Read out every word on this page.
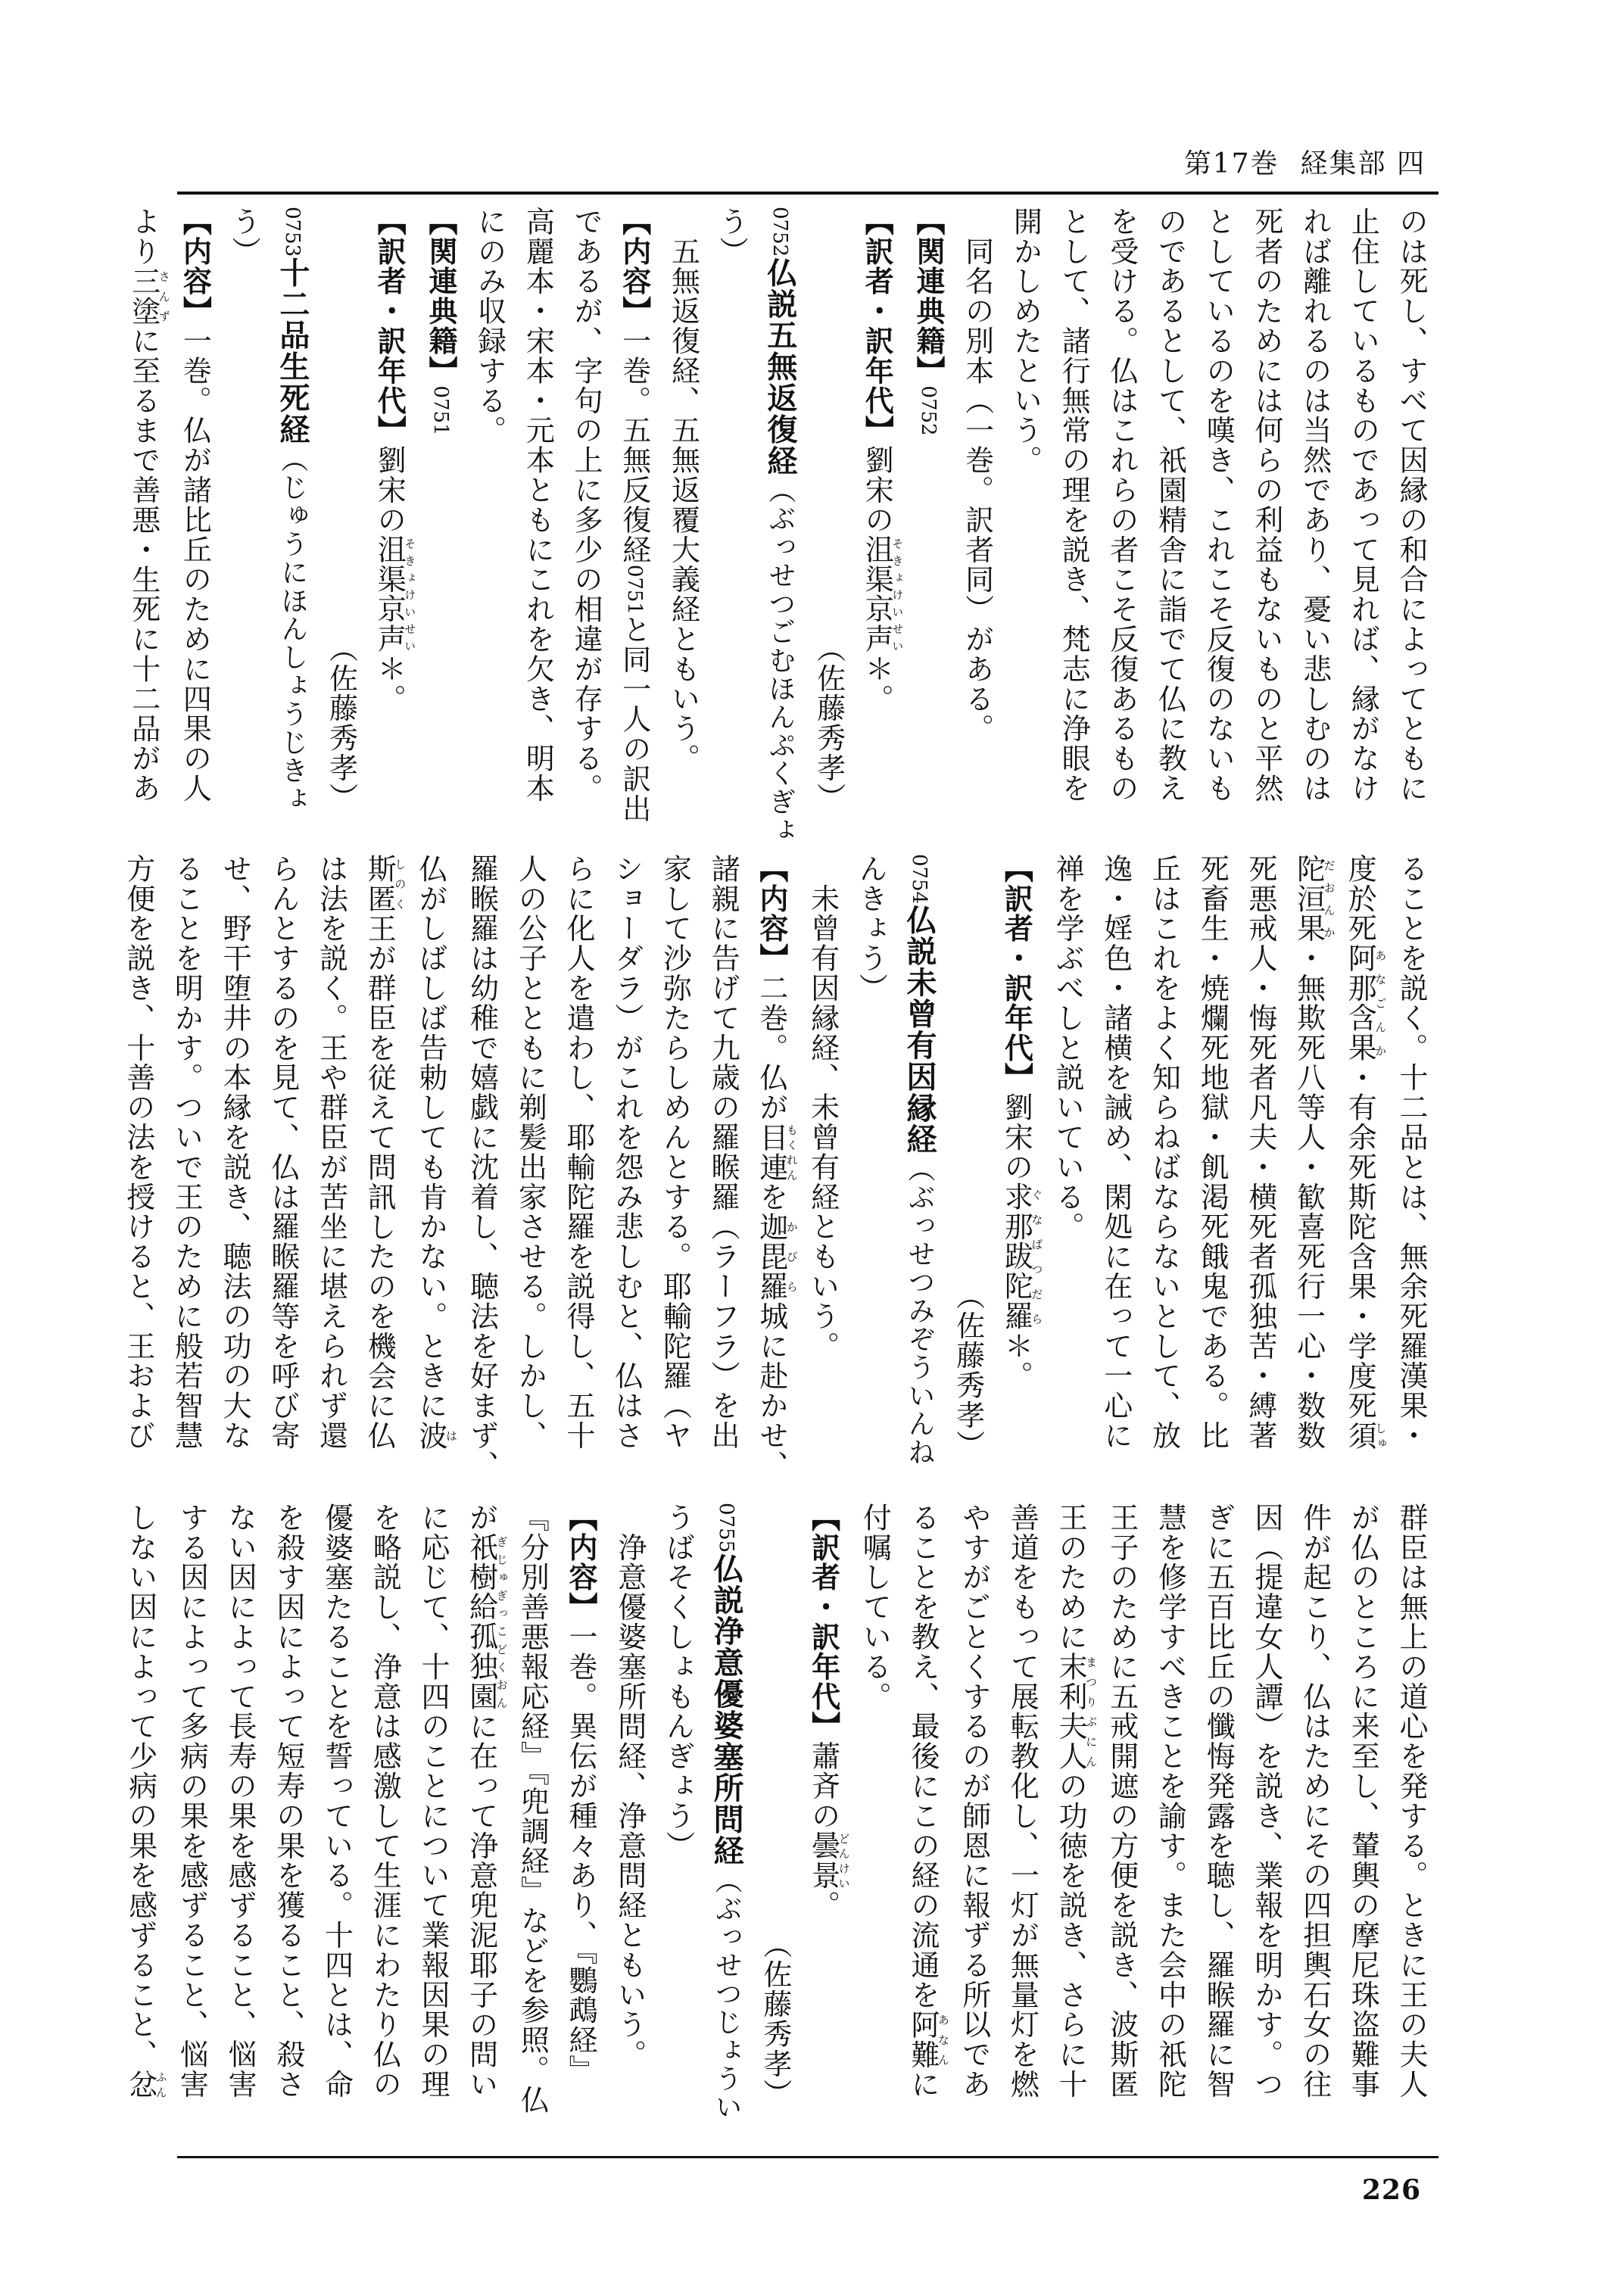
第17巻 経集部 四
のは死し、すべて因縁の和合によってともに
止住しているものであって見れば、縁がなけ
れば離れるのは当然であり、憂い悲しむのは
死者のためには何らの利益もないものと平然
としているのを嘆き、これこそ反復のないも
のであるとして、祇園精舎に詣でて仏に教え
を受ける。仏はこれらの者こそ反復あるもの
として、諸行無常の理を説き、梵志に浄眼を
開かしめたという。
　同名の別本（一巻。訳者同）がある。
【関連典籍】0752
【訳者・訳年代】劉宋の沮渠京声そきょけいせい＊。
（佐藤秀孝）
0752仏説五無返復経（ぶっせつごむほんぷくぎょ
う）
　五無返復経、五無返覆大義経ともいう。
【内容】一巻。五無反復経0751と同一人の訳出
であるが、字句の上に多少の相違が存する。
高麗本・宋本・元本ともにこれを欠き、明本
にのみ収録する。
【関連典籍】0751
【訳者・訳年代】劉宋の沮渠京声そきょけいせい＊。
（佐藤秀孝）
0753十二品生死経（じゅうにほんしょうじきょ
う）
【内容】一巻。仏が諸比丘のために四果の人
より三塗さんずに至るまで善悪・生死に十二品があ
ることを説く。十二品とは、無余死羅漢果・
度於死阿那含果あなごんか・有余死斯陀含果・学度死須しゅ
陀洹果だおんか・無欺死八等人・歓喜死行一心・数数
死悪戒人・悔死者凡夫・横死者孤独苦・縛著
死畜生・焼爛死地獄・飢渇死餓鬼である。比
丘はこれをよく知らねばならないとして、放
逸・婬色・諸横を誡め、閑処に在って一心に
禅を学ぶべしと説いている。
【訳者・訳年代】劉宋の求那跋陀羅ぐなばつだら＊。
（佐藤秀孝）
0754仏説未曾有因縁経（ぶっせつみぞういんね
んきょう）
　未曾有因縁経、未曾有経ともいう。
【内容】二巻。仏が目連もくれんを迦毘羅かびら城に赴かせ、
諸親に告げて九歳の羅睺羅（ラーフラ）を出
家して沙弥たらしめんとする。耶輸陀羅（ヤ
ショーダラ）がこれを怨み悲しむと、仏はさ
らに化人を遣わし、耶輸陀羅を説得し、五十
人の公子とともに剃髪出家させる。しかし、
羅睺羅は幼稚で嬉戯に沈着し、聴法を好まず、
仏がしばしば告勅しても肯かない。ときに波は
斯匿しのく王が群臣を従えて問訊したのを機会に仏
は法を説く。王や群臣が苦坐に堪えられず還
らんとするのを見て、仏は羅睺羅等を呼び寄
せ、野干堕井の本縁を説き、聴法の功の大な
ることを明かす。ついで王のために般若智慧
方便を説き、十善の法を授けると、王および
群臣は無上の道心を発する。ときに王の夫人
が仏のところに来至し、輦輿の摩尼珠盗難事
件が起こり、仏はためにその四担輿石女の往
因（提違女人譚）を説き、業報を明かす。つ
ぎに五百比丘の懺悔発露を聴し、羅睺羅に智
慧を修学すべきことを諭す。また会中の祇陀
王子のために五戒開遮の方便を説き、波斯匿
王のために末利夫人まつりぶにんの功徳を説き、さらに十
善道をもって展転教化し、一灯が無量灯を燃
やすがごとくするのが師恩に報ずる所以であ
ることを教え、最後にこの経の流通を阿難あなんに
付嘱している。
【訳者・訳年代】蕭斉の曇景どんけい。
（佐藤秀孝）
0755仏説浄意優婆塞所問経（ぶっせつじょうい
うばそくしょもんぎょう）
　浄意優婆塞所問経、浄意問経ともいう。
【内容】一巻。異伝が種々あり、『鸚鵡経』
『分別善悪報応経』『兜調経』などを参照。仏
が祇樹給孤独園ぎじゅぎっこどくおんに在って浄意兜泥耶子の問い
に応じて、十四のことについて業報因果の理
を略説し、浄意は感激して生涯にわたり仏の
優婆塞たることを誓っている。十四とは、命
を殺す因によって短寿の果を獲ること、殺さ
ない因によって長寿の果を感ずること、悩害
する因によって多病の果を感ずること、悩害
しない因によって少病の果を感ずること、忿ふん
226
